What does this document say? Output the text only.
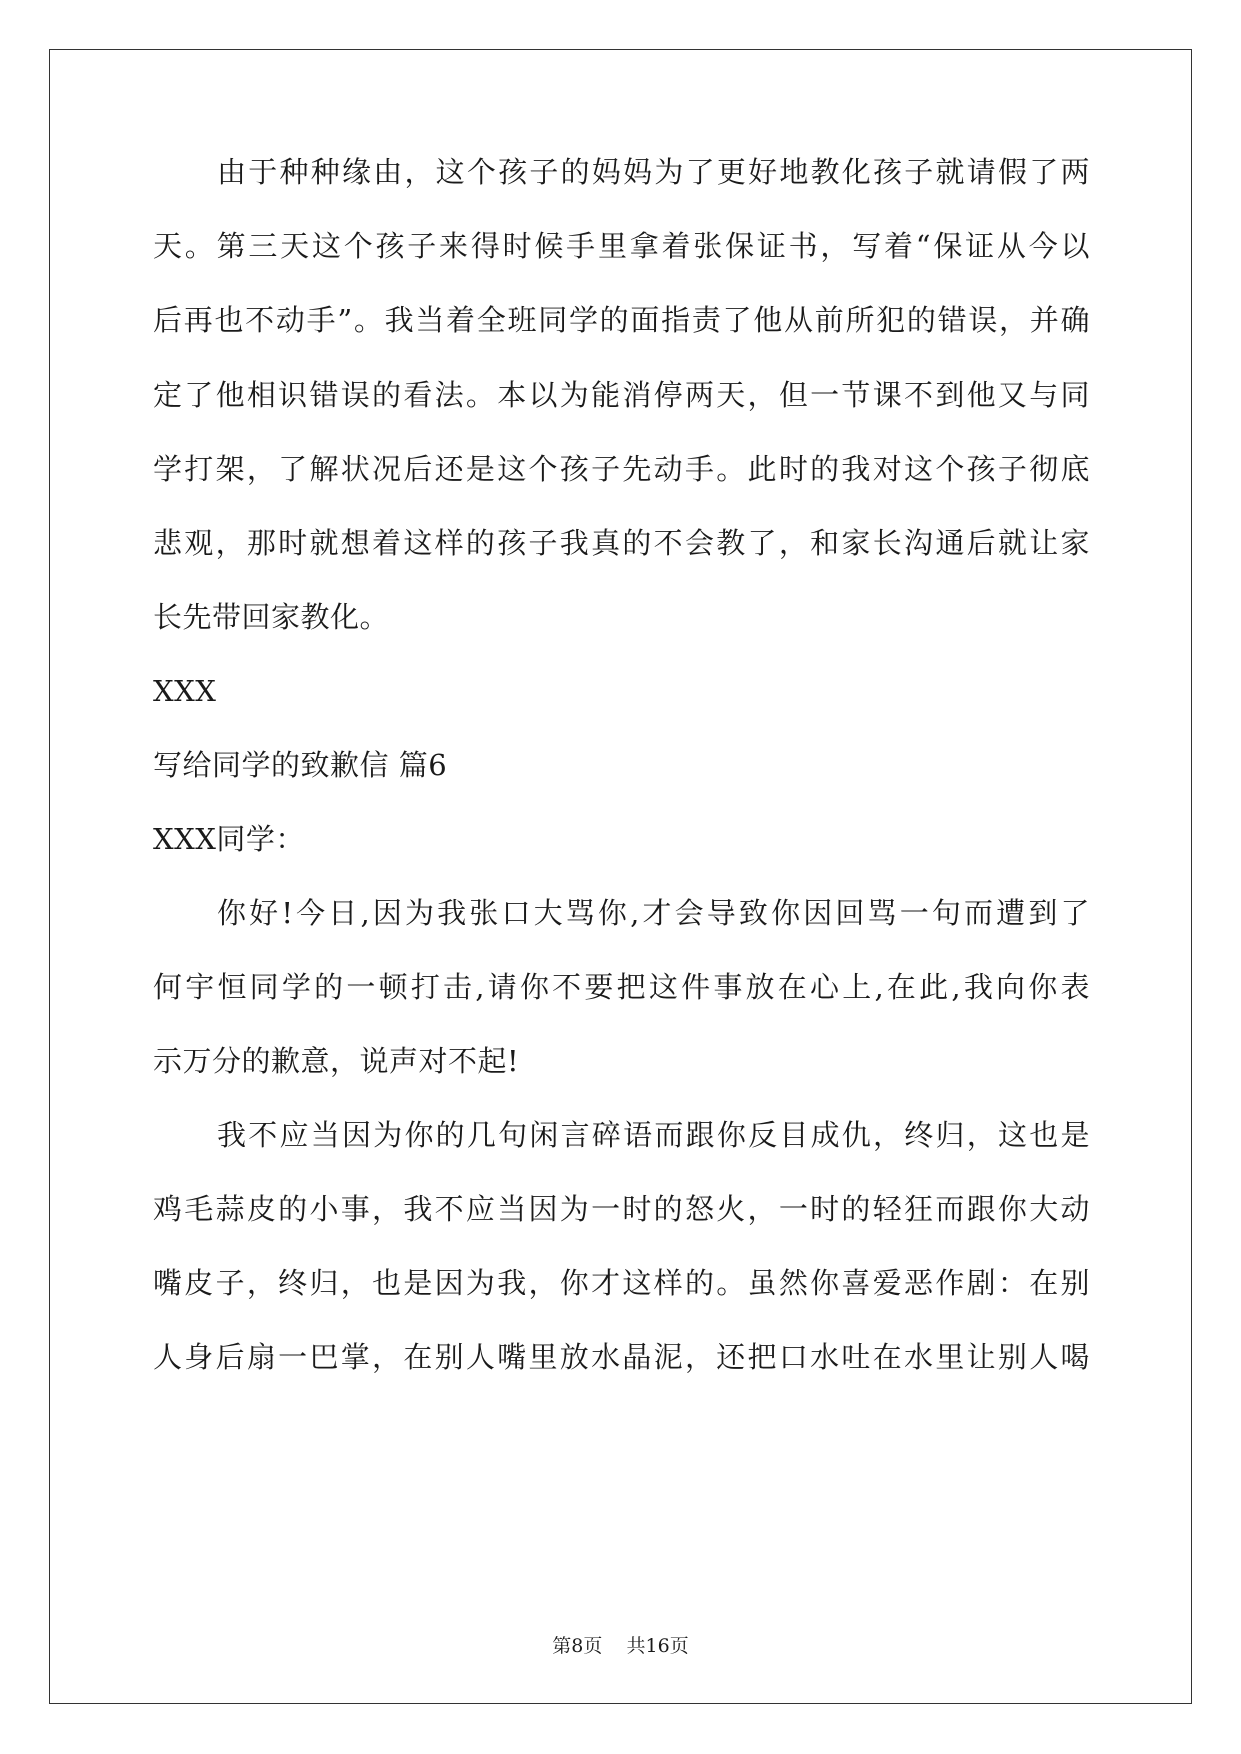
由于种种缘由，这个孩子的妈妈为了更好地教化孩子就请假了两
天。第三天这个孩子来得时候手里拿着张保证书，写着“保证从今以
后再也不动手”。我当着全班同学的面指责了他从前所犯的错误，并确
定了他相识错误的看法。本以为能消停两天，但一节课不到他又与同
学打架，了解状况后还是这个孩子先动手。此时的我对这个孩子彻底
悲观，那时就想着这样的孩子我真的不会教了，和家长沟通后就让家
长先带回家教化。
XXX
写给同学的致歉信 篇6
XXX同学：
你好!今日,因为我张口大骂你,才会导致你因回骂一句而遭到了
何宇恒同学的一顿打击,请你不要把这件事放在心上,在此,我向你表
示万分的歉意，说声对不起!
我不应当因为你的几句闲言碎语而跟你反目成仇，终归，这也是
鸡毛蒜皮的小事，我不应当因为一时的怒火，一时的轻狂而跟你大动
嘴皮子，终归，也是因为我，你才这样的。虽然你喜爱恶作剧：在别
人身后扇一巴掌，在别人嘴里放水晶泥，还把口水吐在水里让别人喝
第8页 共16页
